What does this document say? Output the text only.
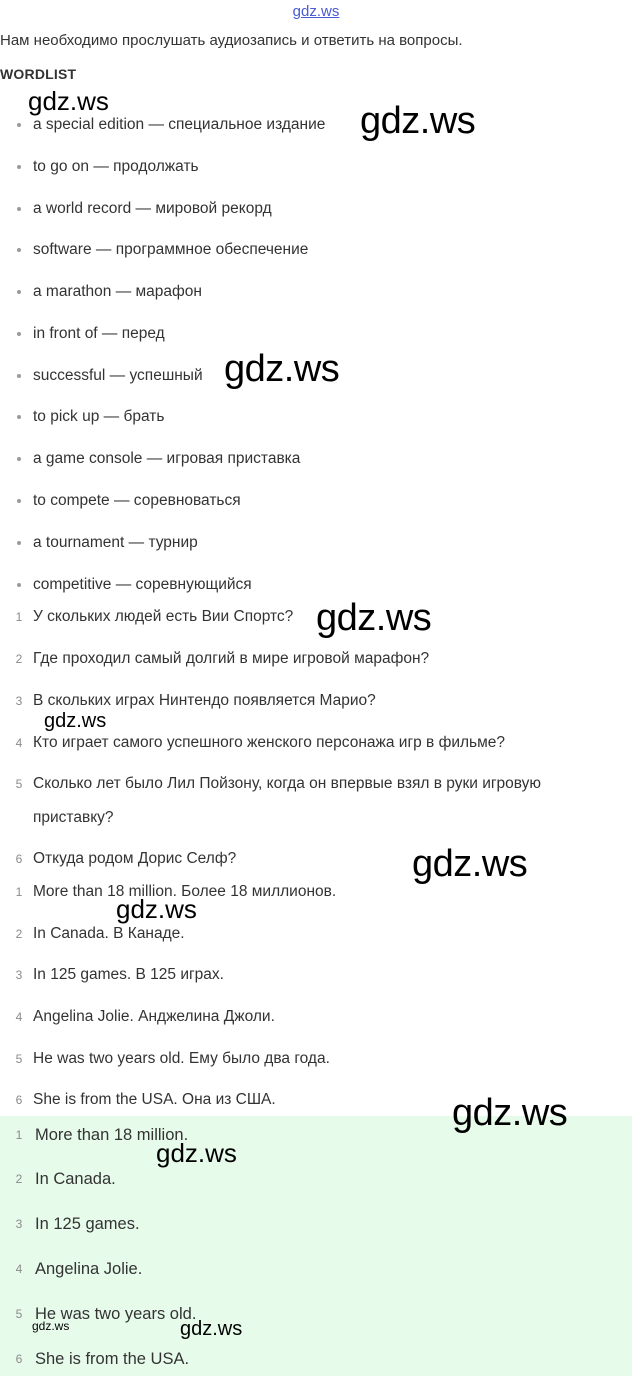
gdz.ws
Нам необходимо прослушать аудиозапись и ответить на вопросы.
WORDLIST
a special edition — специальное издание
to go on — продолжать
a world record — мировой рекорд
software — программное обеспечение
a marathon — марафон
in front of — перед
successful — успешный
to pick up — брать
a game console — игровая приставка
to compete — соревноваться
a tournament — турнир
competitive — соревнующийся
1 У скольких людей есть Вии Спортс?
2 Где проходил самый долгий в мире игровой марафон?
3 В скольких играх Нинтендо появляется Марио?
4 Кто играет самого успешного женского персонажа игр в фильме?
5 Сколько лет было Лил Пойзону, когда он впервые взял в руки игровую приставку?
6 Откуда родом Дорис Селф?
1 More than 18 million. Более 18 миллионов.
2 In Canada. В Канаде.
3 In 125 games. В 125 играх.
4 Angelina Jolie. Анджелина Джоли.
5 He was two years old. Ему было два года.
6 She is from the USA. Она из США.
1 More than 18 million.
2 In Canada.
3 In 125 games.
4 Angelina Jolie.
5 He was two years old.
6 She is from the USA.
gdz.ws	gdz.ws
gdz.ws
gdz.ws
gdz.ws
gdz.ws
gdz.ws
gdz.ws
gdz.ws
gdz.ws	gdz.ws
